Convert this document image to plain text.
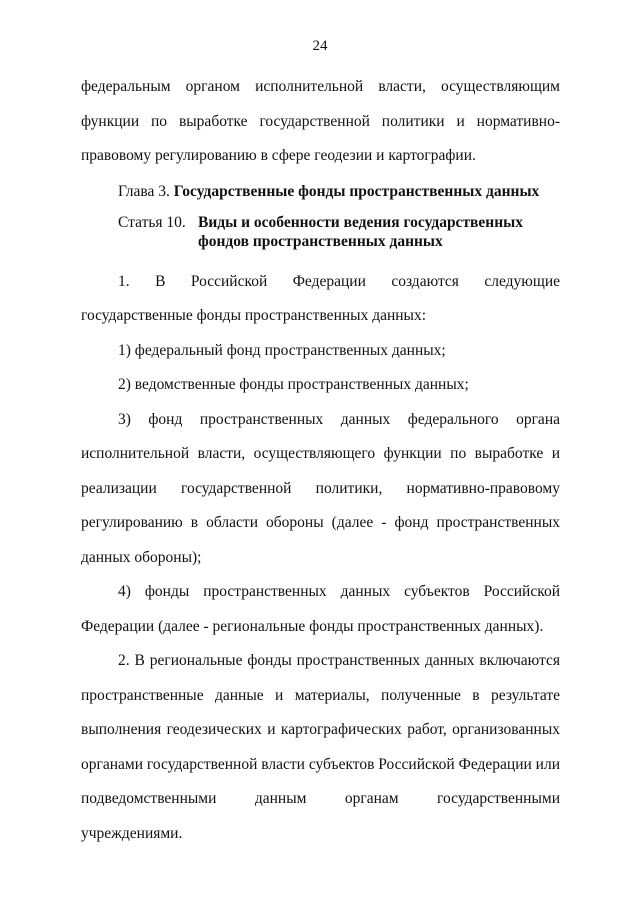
24

федеральным органом исполнительной власти, осуществляющим функции по выработке государственной политики и нормативно-правовому регулированию в сфере геодезии и картографии.

Глава 3. Государственные фонды пространственных данных

Статья 10. Виды и особенности ведения государственных фондов пространственных данных

1. В Российской Федерации создаются следующие государственные фонды пространственных данных:

1) федеральный фонд пространственных данных;

2) ведомственные фонды пространственных данных;

3) фонд пространственных данных федерального органа исполнительной власти, осуществляющего функции по выработке и реализации государственной политики, нормативно-правовому регулированию в области обороны (далее - фонд пространственных данных обороны);

4) фонды пространственных данных субъектов Российской Федерации (далее - региональные фонды пространственных данных).

2. В региональные фонды пространственных данных включаются пространственные данные и материалы, полученные в результате выполнения геодезических и картографических работ, организованных органами государственной власти субъектов Российской Федерации или подведомственными данным органам государственными учреждениями.
